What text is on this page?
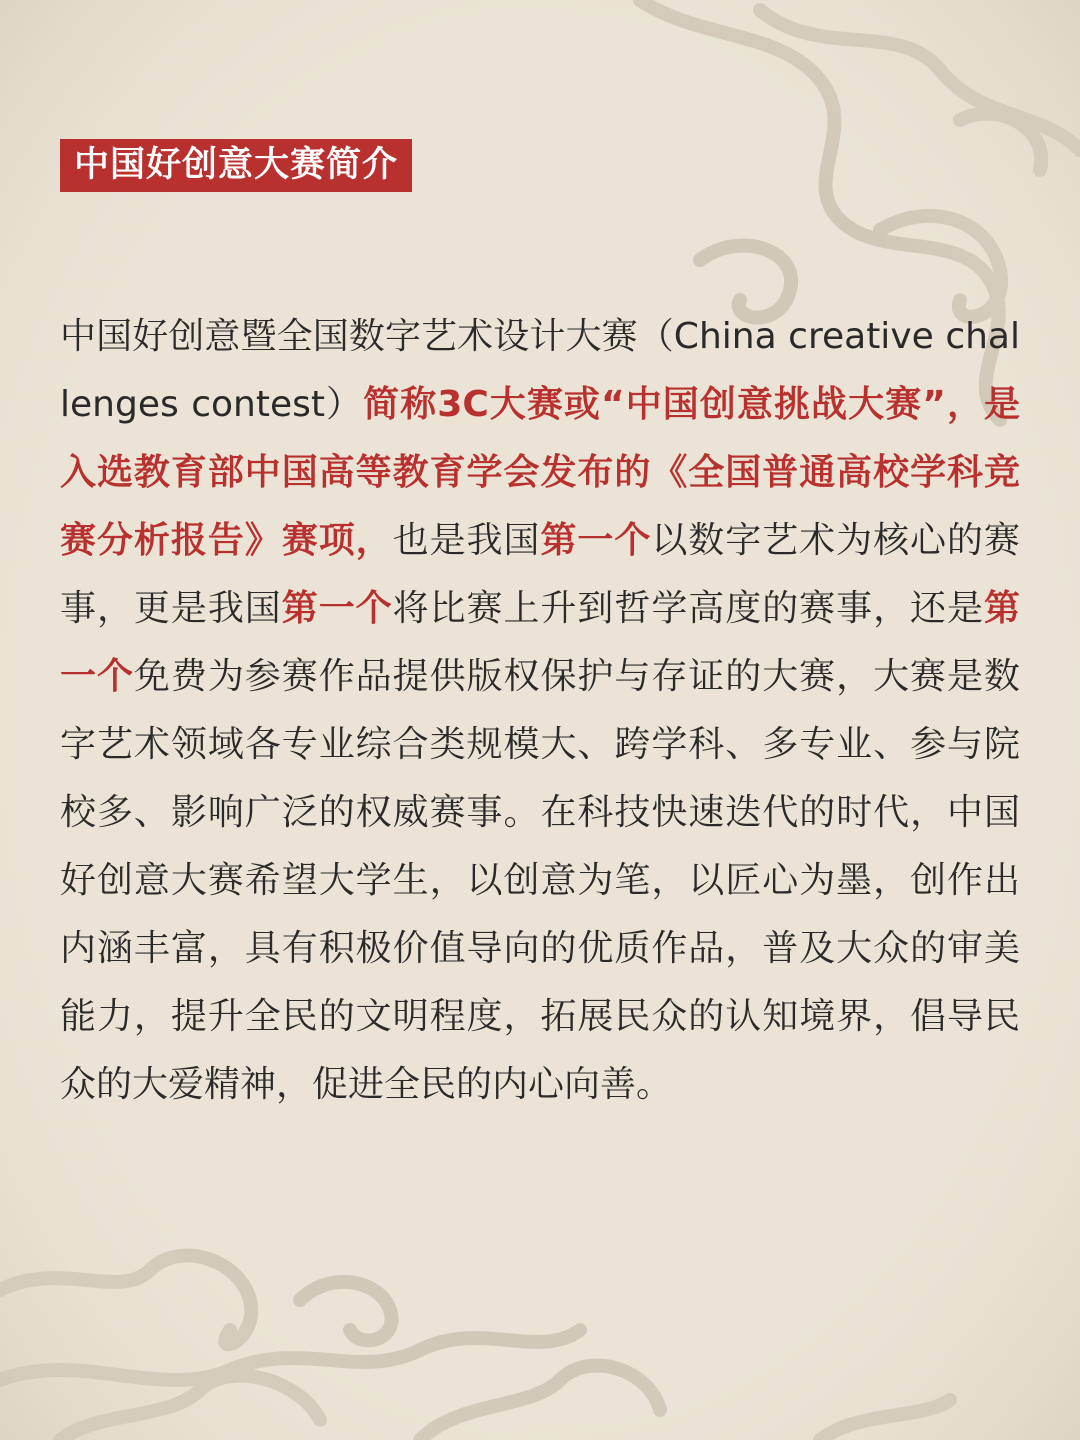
中国好创意大赛简介

中国好创意暨全国数字艺术设计大赛（China creative challenges contest）简称3C大赛或“中国创意挑战大赛”，是入选教育部中国高等教育学会发布的《全国普通高校学科竞赛分析报告》赛项，也是我国第一个以数字艺术为核心的赛事，更是我国第一个将比赛上升到哲学高度的赛事，还是第一个免费为参赛作品提供版权保护与存证的大赛，大赛是数字艺术领域各专业综合类规模大、跨学科、多专业、参与院校多、影响广泛的权威赛事。在科技快速迭代的时代，中国好创意大赛希望大学生，以创意为笔，以匠心为墨，创作出内涵丰富，具有积极价值导向的优质作品，普及大众的审美能力，提升全民的文明程度，拓展民众的认知境界，倡导民众的大爱精神，促进全民的内心向善。
